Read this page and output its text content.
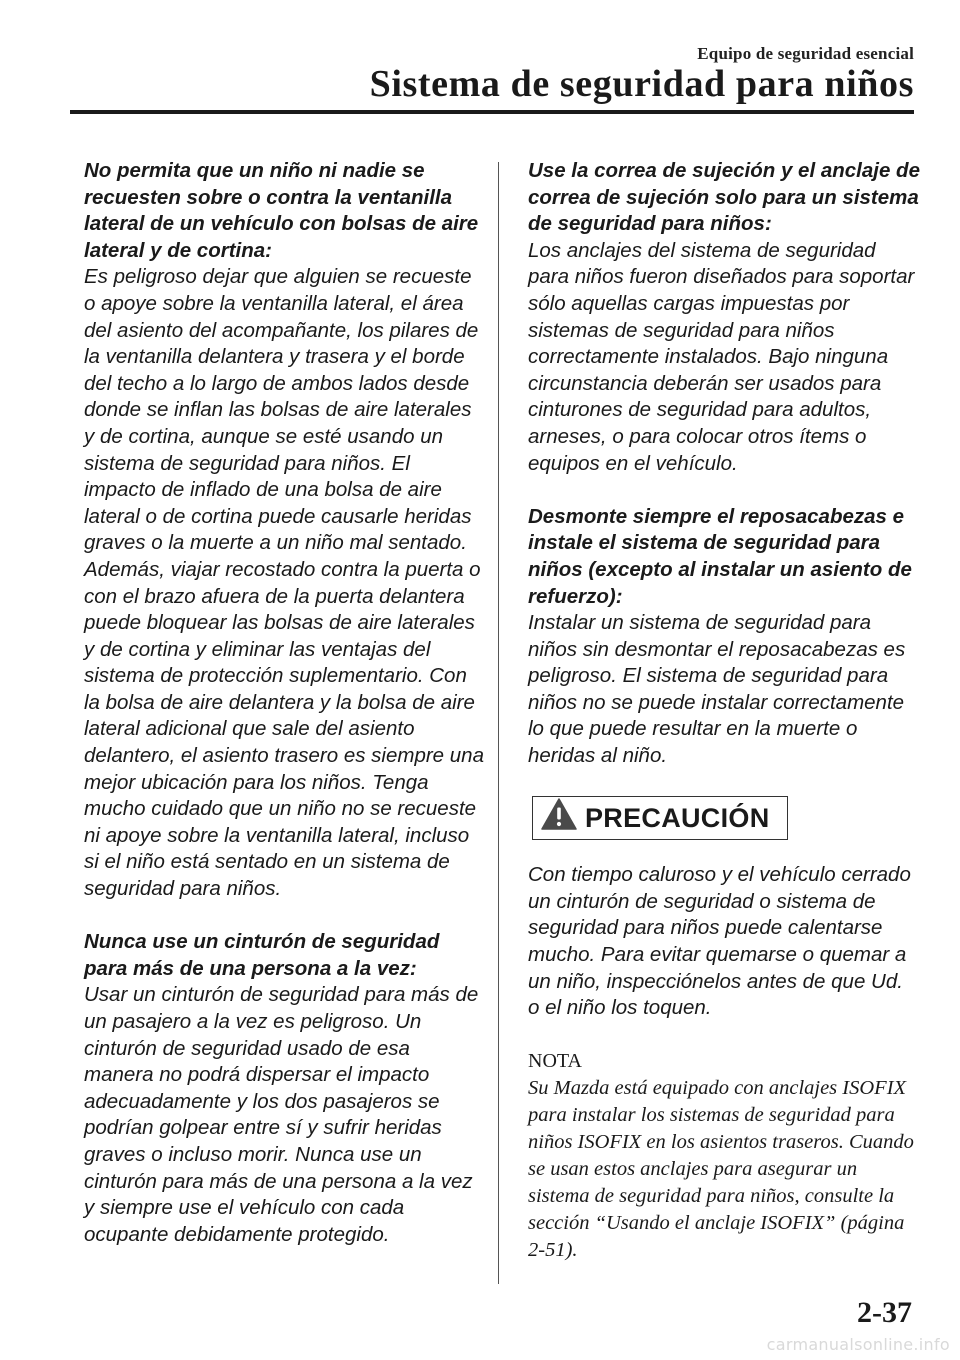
Equipo de seguridad esencial
Sistema de seguridad para niños
No permita que un niño ni nadie se recuesten sobre o contra la ventanilla lateral de un vehículo con bolsas de aire lateral y de cortina:
Es peligroso dejar que alguien se recueste o apoye sobre la ventanilla lateral, el área del asiento del acompañante, los pilares de la ventanilla delantera y trasera y el borde del techo a lo largo de ambos lados desde donde se inflan las bolsas de aire laterales y de cortina, aunque se esté usando un sistema de seguridad para niños. El impacto de inflado de una bolsa de aire lateral o de cortina puede causarle heridas graves o la muerte a un niño mal sentado. Además, viajar recostado contra la puerta o con el brazo afuera de la puerta delantera puede bloquear las bolsas de aire laterales y de cortina y eliminar las ventajas del sistema de protección suplementario. Con la bolsa de aire delantera y la bolsa de aire lateral adicional que sale del asiento delantero, el asiento trasero es siempre una mejor ubicación para los niños. Tenga mucho cuidado que un niño no se recueste ni apoye sobre la ventanilla lateral, incluso si el niño está sentado en un sistema de seguridad para niños.
Nunca use un cinturón de seguridad para más de una persona a la vez:
Usar un cinturón de seguridad para más de un pasajero a la vez es peligroso. Un cinturón de seguridad usado de esa manera no podrá dispersar el impacto adecuadamente y los dos pasajeros se podrían golpear entre sí y sufrir heridas graves o incluso morir. Nunca use un cinturón para más de una persona a la vez y siempre use el vehículo con cada ocupante debidamente protegido.
Use la correa de sujeción y el anclaje de correa de sujeción solo para un sistema de seguridad para niños:
Los anclajes del sistema de seguridad para niños fueron diseñados para soportar sólo aquellas cargas impuestas por sistemas de seguridad para niños correctamente instalados. Bajo ninguna circunstancia deberán ser usados para cinturones de seguridad para adultos, arneses, o para colocar otros ítems o equipos en el vehículo.
Desmonte siempre el reposacabezas e instale el sistema de seguridad para niños (excepto al instalar un asiento de refuerzo):
Instalar un sistema de seguridad para niños sin desmontar el reposacabezas es peligroso. El sistema de seguridad para niños no se puede instalar correctamente lo que puede resultar en la muerte o heridas al niño.
PRECAUCIÓN
Con tiempo caluroso y el vehículo cerrado un cinturón de seguridad o sistema de seguridad para niños puede calentarse mucho. Para evitar quemarse o quemar a un niño, inspecciónelos antes de que Ud. o el niño los toquen.
NOTA
Su Mazda está equipado con anclajes ISOFIX para instalar los sistemas de seguridad para niños ISOFIX en los asientos traseros. Cuando se usan estos anclajes para asegurar un sistema de seguridad para niños, consulte la sección “Usando el anclaje ISOFIX” (página 2-51).
2-37
carmanualsonline.info
